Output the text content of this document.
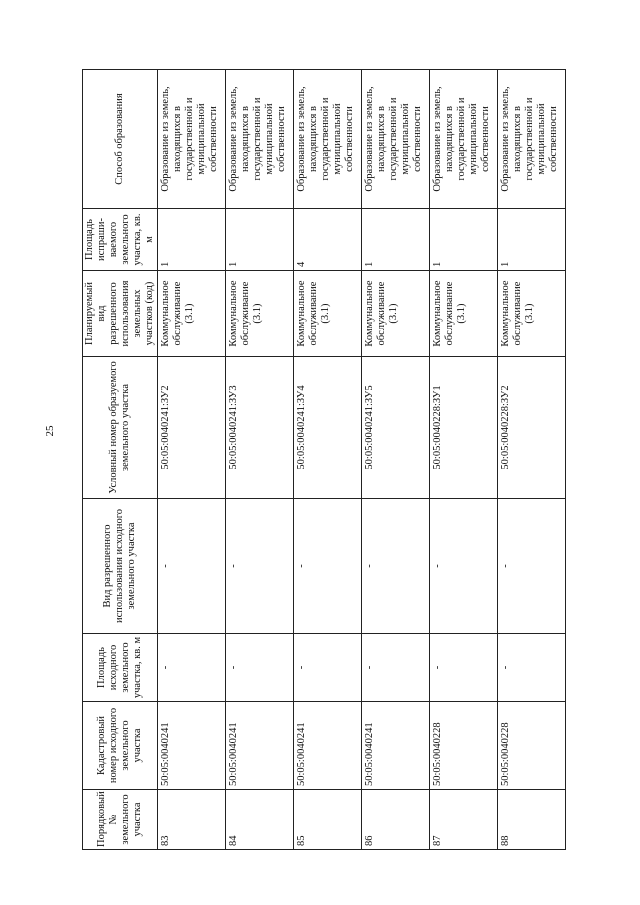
25
Порядковый № земельного участка	Кадастровый номер исходного земельного участка	Площадь исходного земельного участка, кв. м	Вид разрешенного использования исходного земельного участка	Условный номер образуемого земельного участка	Планируемый вид разрешенного использования земельных участков (код)	Площадь испраши-ваемого земельного участка, кв. м	Способ образования
83	50:05:0040241	-	-	50:05:0040241:ЗУ2	Коммунальное обслуживание (3.1)	1	Образование из земель, находящихся в государственной и муниципальной собственности
84	50:05:0040241	-	-	50:05:0040241:ЗУ3	Коммунальное обслуживание (3.1)	1	Образование из земель, находящихся в государственной и муниципальной собственности
85	50:05:0040241	-	-	50:05:0040241:ЗУ4	Коммунальное обслуживание (3.1)	4	Образование из земель, находящихся в государственной и муниципальной собственности
86	50:05:0040241	-	-	50:05:0040241:ЗУ5	Коммунальное обслуживание (3.1)	1	Образование из земель, находящихся в государственной и муниципальной собственности
87	50:05:0040228	-	-	50:05:0040228:ЗУ1	Коммунальное обслуживание (3.1)	1	Образование из земель, находящихся в государственной и муниципальной собственности
88	50:05:0040228	-	-	50:05:0040228:ЗУ2	Коммунальное обслуживание (3.1)	1	Образование из земель, находящихся в государственной и муниципальной собственности
